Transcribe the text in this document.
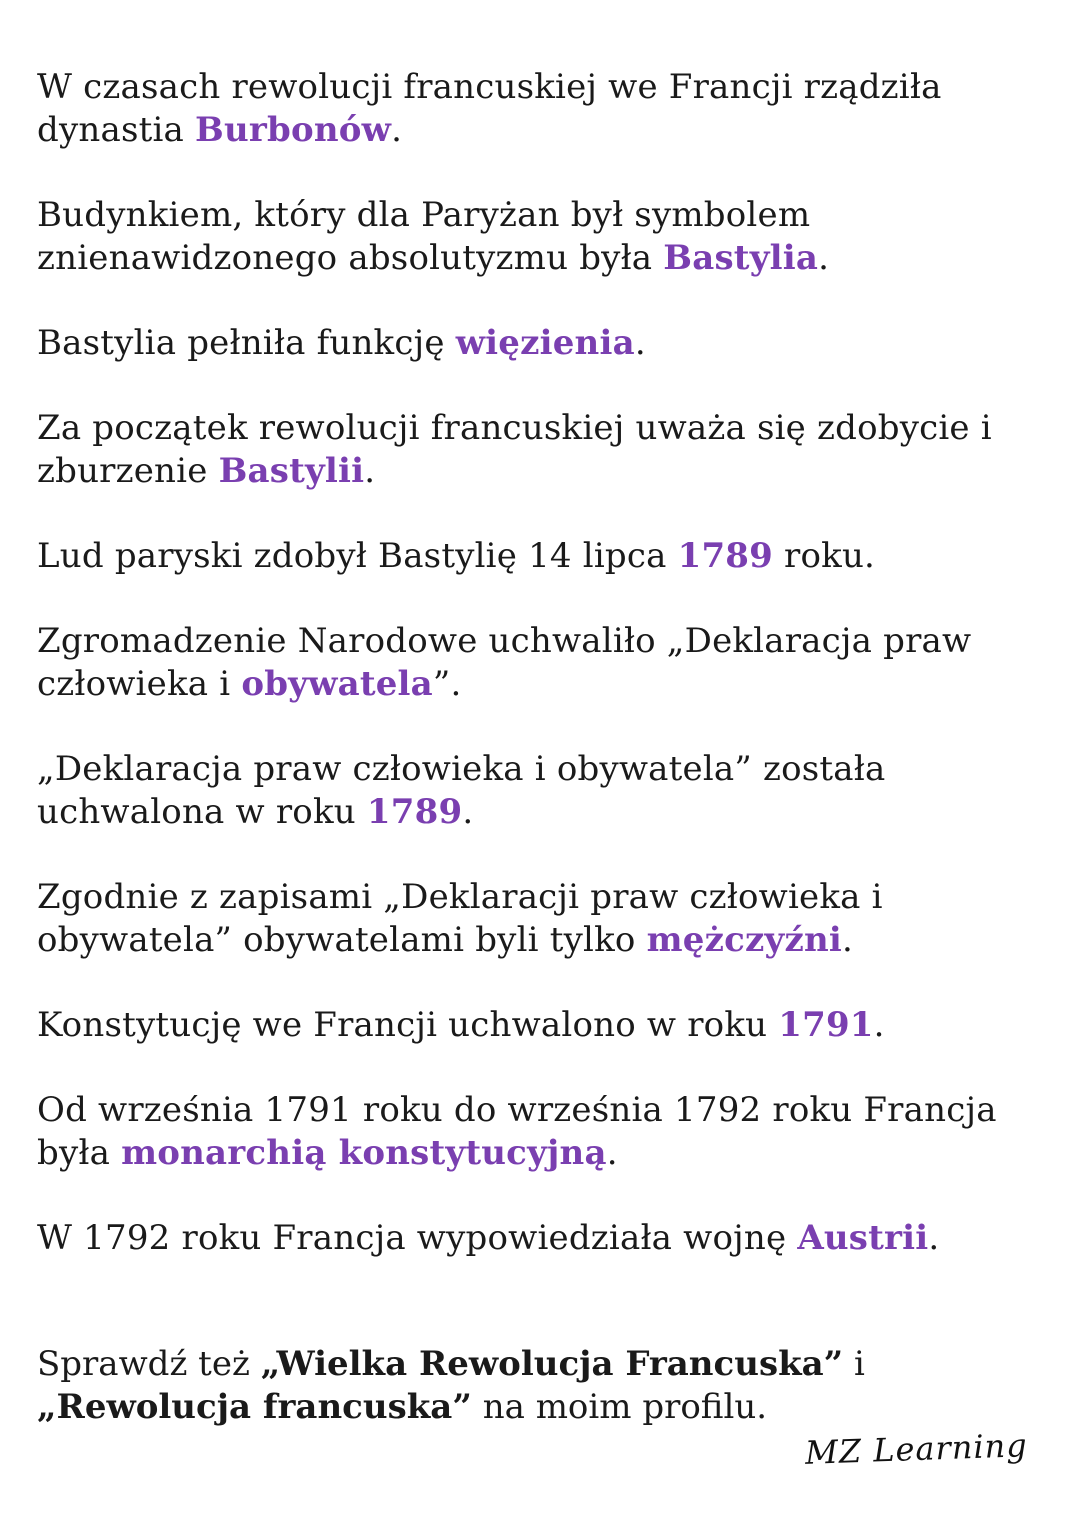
W czasach rewolucji francuskiej we Francji rządziła dynastia Burbonów.

Budynkiem, który dla Paryżan był symbolem znienawidzonego absolutyzmu była Bastylia.

Bastylia pełniła funkcję więzienia.

Za początek rewolucji francuskiej uważa się zdobycie i zburzenie Bastylii.

Lud paryski zdobył Bastylię 14 lipca 1789 roku.

Zgromadzenie Narodowe uchwaliło „Deklaracja praw człowieka i obywatela”.

„Deklaracja praw człowieka i obywatela” została uchwalona w roku 1789.

Zgodnie z zapisami „Deklaracji praw człowieka i obywatela” obywatelami byli tylko mężczyźni.

Konstytucję we Francji uchwalono w roku 1791.

Od września 1791 roku do września 1792 roku Francja była monarchią konstytucyjną.

W 1792 roku Francja wypowiedziała wojnę Austrii.

Sprawdź też „Wielka Rewolucja Francuska” i
„Rewolucja francuska” na moim profilu.
MZ Learning
